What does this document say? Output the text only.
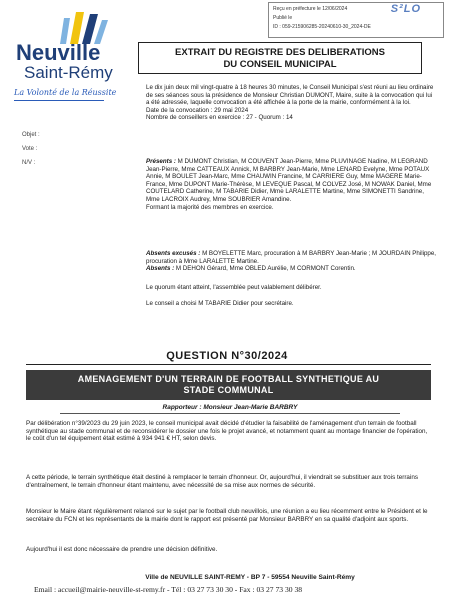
Reçu en préfecture le 12/06/2024
Publié le
ID : 059-215906285-20240610-30_2024-DE
S²LO
Neuville
Saint-Rémy
La Volonté de la Réussite
EXTRAIT DU REGISTRE DES DELIBERATIONS
DU CONSEIL MUNICIPAL
Objet :
Vote :
N/V :

Le dix juin deux mil vingt-quatre à 18 heures 30 minutes, le Conseil Municipal s'est réuni au lieu ordinaire de ses séances sous la présidence de Monsieur Christian DUMONT, Maire, suite à la convocation qui lui a été adressée, laquelle convocation a été affichée à la porte de la mairie, conformément à la loi.

Date de la convocation : 29 mai 2024

Nombre de conseillers en exercice : 27 - Quorum : 14

Présents : M DUMONT Christian, M COUVENT Jean-Pierre, Mme PLUVINAGE Nadine, M LEGRAND Jean-Pierre, Mme CATTEAUX Annick, M BARBRY Jean-Marie, Mme LENARD Evelyne, Mme POTAUX Annie, M BOULET Jean-Marc, Mme CHAUWIN Francine, M CARRIERE Guy, Mme MAGERE Marie-France, Mme DUPONT Marie-Thérèse, M LEVEQUE Pascal, M COLVEZ José, M NOWAK Daniel, Mme COUTELARD Catherine, M TABARIE Didier, Mme LARALETTE Martine, Mme SIMONETTI Sandrine, Mme LACROIX Audrey, Mme SOUBRIER Amandine.

Formant la majorité des membres en exercice.

Absents excusés : M BOYELETTE Marc, procuration à M BARBRY Jean-Marie ; M JOURDAIN Philippe, procuration à Mme LARALETTE Martine.

Absents : M DEHON Gérard, Mme OBLED Aurélie, M CORMONT Corentin.

Le quorum étant atteint, l'assemblée peut valablement délibérer.
Le conseil a choisi M TABARIE Didier pour secrétaire.
QUESTION N°30/2024
AMENAGEMENT D'UN TERRAIN DE FOOTBALL SYNTHETIQUE AU
STADE COMMUNAL
Rapporteur : Monsieur Jean-Marie BARBRY
Par délibération n°39/2023 du 29 juin 2023, le conseil municipal avait décidé d'étudier la faisabilité de l'aménagement d'un terrain de football synthétique au stade communal et de reconsidérer le dossier une fois le projet avancé, et notamment quant au montage financier de l'opération, le coût d'un tel équipement était estimé à 934 941 € HT, selon devis.
A cette période, le terrain synthétique était destiné à remplacer le terrain d'honneur. Or, aujourd'hui, il viendrait se substituer aux trois terrains d'entraînement, le terrain d'honneur étant maintenu, avec nécessité de sa mise aux normes de sécurité.
Monsieur le Maire étant régulièrement relancé sur le sujet par le football club neuvillois, une réunion a eu lieu récemment entre le Président et le secrétaire du FCN et les représentants de la mairie dont le rapport est présenté par Monsieur BARBRY en sa qualité d'adjoint aux sports.
Aujourd'hui il est donc nécessaire de prendre une décision définitive.
Ville de NEUVILLE SAINT-REMY - BP 7 - 59554 Neuville Saint-Rémy
Email : accueil@mairie-neuville-st-remy.fr - Tél : 03 27 73 30 30 - Fax : 03 27 73 30 38
